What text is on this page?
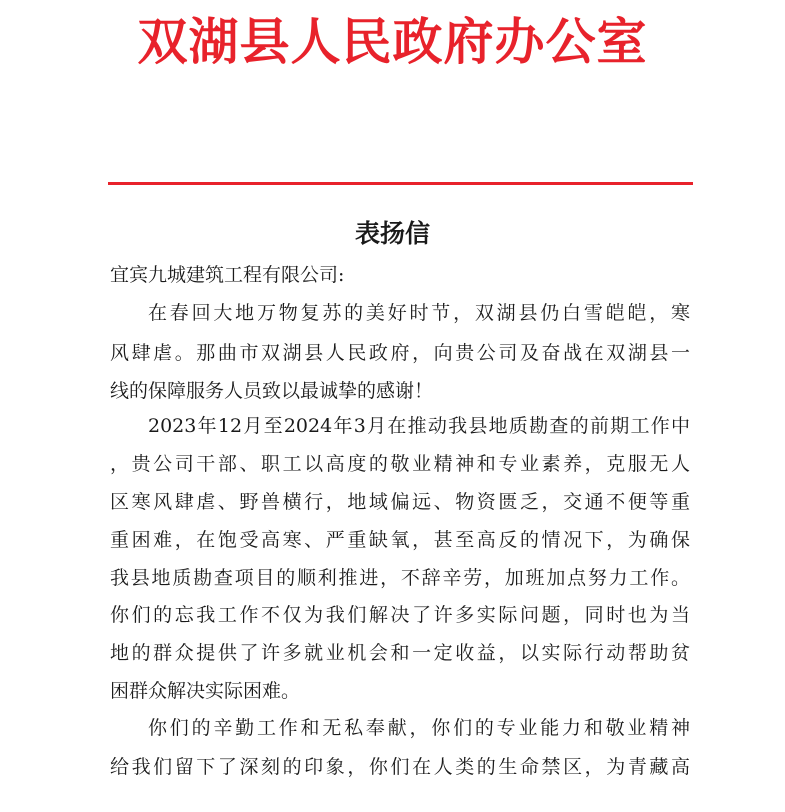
双湖县人民政府办公室
表扬信
宜宾九城建筑工程有限公司:
在春回大地万物复苏的美好时节，双湖县仍白雪皑皑，寒
风肆虐。那曲市双湖县人民政府，向贵公司及奋战在双湖县一
线的保障服务人员致以最诚挚的感谢！
2023年12月至2024年3月在推动我县地质勘查的前期工作中
，贵公司干部、职工以高度的敬业精神和专业素养，克服无人
区寒风肆虐、野兽横行，地域偏远、物资匮乏，交通不便等重
重困难，在饱受高寒、严重缺氧，甚至高反的情况下，为确保
我县地质勘查项目的顺利推进，不辞辛劳，加班加点努力工作。
你们的忘我工作不仅为我们解决了许多实际问题，同时也为当
地的群众提供了许多就业机会和一定收益，以实际行动帮助贫
困群众解决实际困难。
你们的辛勤工作和无私奉献，你们的专业能力和敬业精神
给我们留下了深刻的印象，你们在人类的生命禁区，为青藏高
